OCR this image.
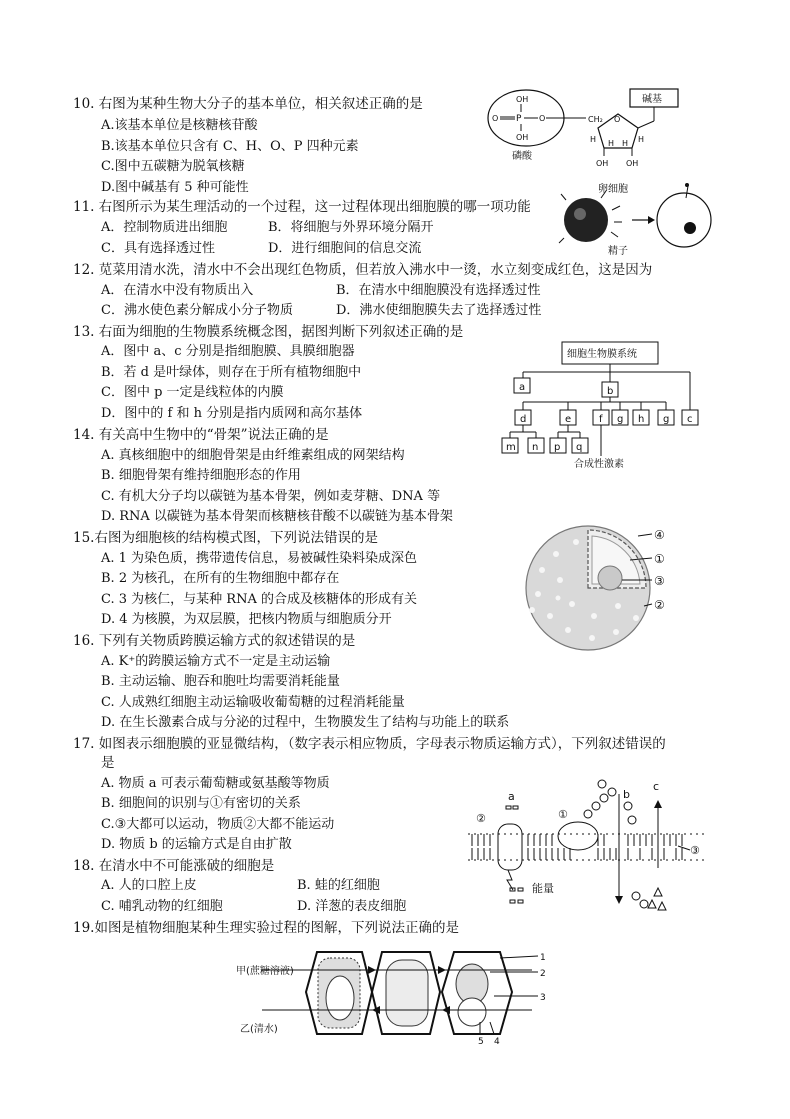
10. 右图为某种生物大分子的基本单位，相关叙述正确的是
A.该基本单位是核糖核苷酸
B.该基本单位只含有 C、H、O、P 四种元素
C.图中五碳糖为脱氧核糖
D.图中碱基有 5 种可能性
OH
O P O
OH
磷酸
CH₂ O
H	H
H H
OH OH
碱基
11. 右图所示为某生理活动的一个过程，这一过程体现出细胞膜的哪一项功能
A．控制物质进出细胞	B．将细胞与外界环境分隔开
C．具有选择透过性	D．进行细胞间的信息交流
卵细胞
精子
12. 苋菜用清水洗，清水中不会出现红色物质，但若放入沸水中一烫，水立刻变成红色，这是因为
A．在清水中没有物质出入	B．在清水中细胞膜没有选择透过性
C．沸水使色素分解成小分子物质	D．沸水使细胞膜失去了选择透过性
13. 右面为细胞的生物膜系统概念图，据图判断下列叙述正确的是
A．图中 a、c 分别是指细胞膜、具膜细胞器
B．若 d 是叶绿体，则存在于所有植物细胞中
C．图中 p 一定是线粒体的内膜
D．图中的 f 和 h 分别是指内质网和高尔基体
细胞生物膜系统
a	b
c
d	e	f g h g
m n p q
合成性激素
14. 有关高中生物中的“骨架”说法正确的是
A. 真核细胞中的细胞骨架是由纤维素组成的网架结构
B. 细胞骨架有维持细胞形态的作用
C. 有机大分子均以碳链为基本骨架，例如麦芽糖、DNA 等
D. RNA 以碳链为基本骨架而核糖核苷酸不以碳链为基本骨架
15.右图为细胞核的结构模式图，下列说法错误的是
A. 1 为染色质，携带遗传信息，易被碱性染料染成深色
B. 2 为核孔，在所有的生物细胞中都存在
C. 3 为核仁，与某种 RNA 的合成及核糖体的形成有关
D. 4 为核膜，为双层膜，把核内物质与细胞质分开
④
①
③
②
16. 下列有关物质跨膜运输方式的叙述错误的是
A. K⁺的跨膜运输方式不一定是主动运输
B. 主动运输、胞吞和胞吐均需要消耗能量
C. 人成熟红细胞主动运输吸收葡萄糖的过程消耗能量
D. 在生长激素合成与分泌的过程中，生物膜发生了结构与功能上的联系
17. 如图表示细胞膜的亚显微结构，（数字表示相应物质，字母表示物质运输方式），下列叙述错误的
是
A. 物质 a 可表示葡萄糖或氨基酸等物质
B. 细胞间的识别与①有密切的关系
C.③大都可以运动，物质②大都不能运动
D. 物质 b 的运输方式是自由扩散
a	b
c
①
②
③
能量
18. 在清水中不可能涨破的细胞是
A. 人的口腔上皮	B. 蛙的红细胞
C. 哺乳动物的红细胞	D. 洋葱的表皮细胞
19.如图是植物细胞某种生理实验过程的图解，下列说法正确的是
甲(蔗糖溶液)
乙(清水)
1
2
3
4
5
